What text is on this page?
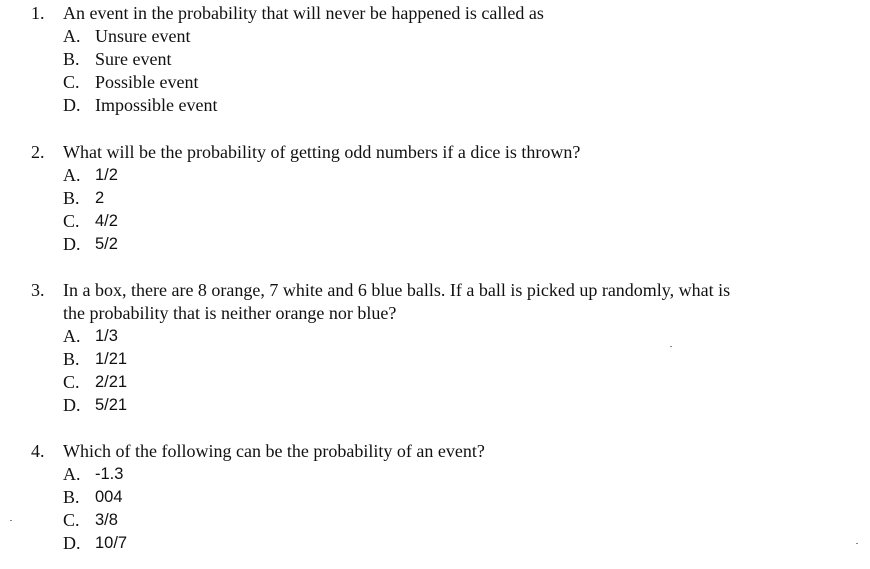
1.	An event in the probability that will never be happened is called as
A. Unsure event
B. Sure event
C. Possible event
D. Impossible event
2.	What will be the probability of getting odd numbers if a dice is thrown?
A. 1/2
B. 2
C. 4/2
D. 5/2
3.	In a box, there are 8 orange, 7 white and 6 blue balls. If a ball is picked up randomly, what is the probability that is neither orange nor blue?
A. 1/3
B. 1/21
C. 2/21
D. 5/21
4.	Which of the following can be the probability of an event?
A. -1.3
B. 004
C. 3/8
D. 10/7
